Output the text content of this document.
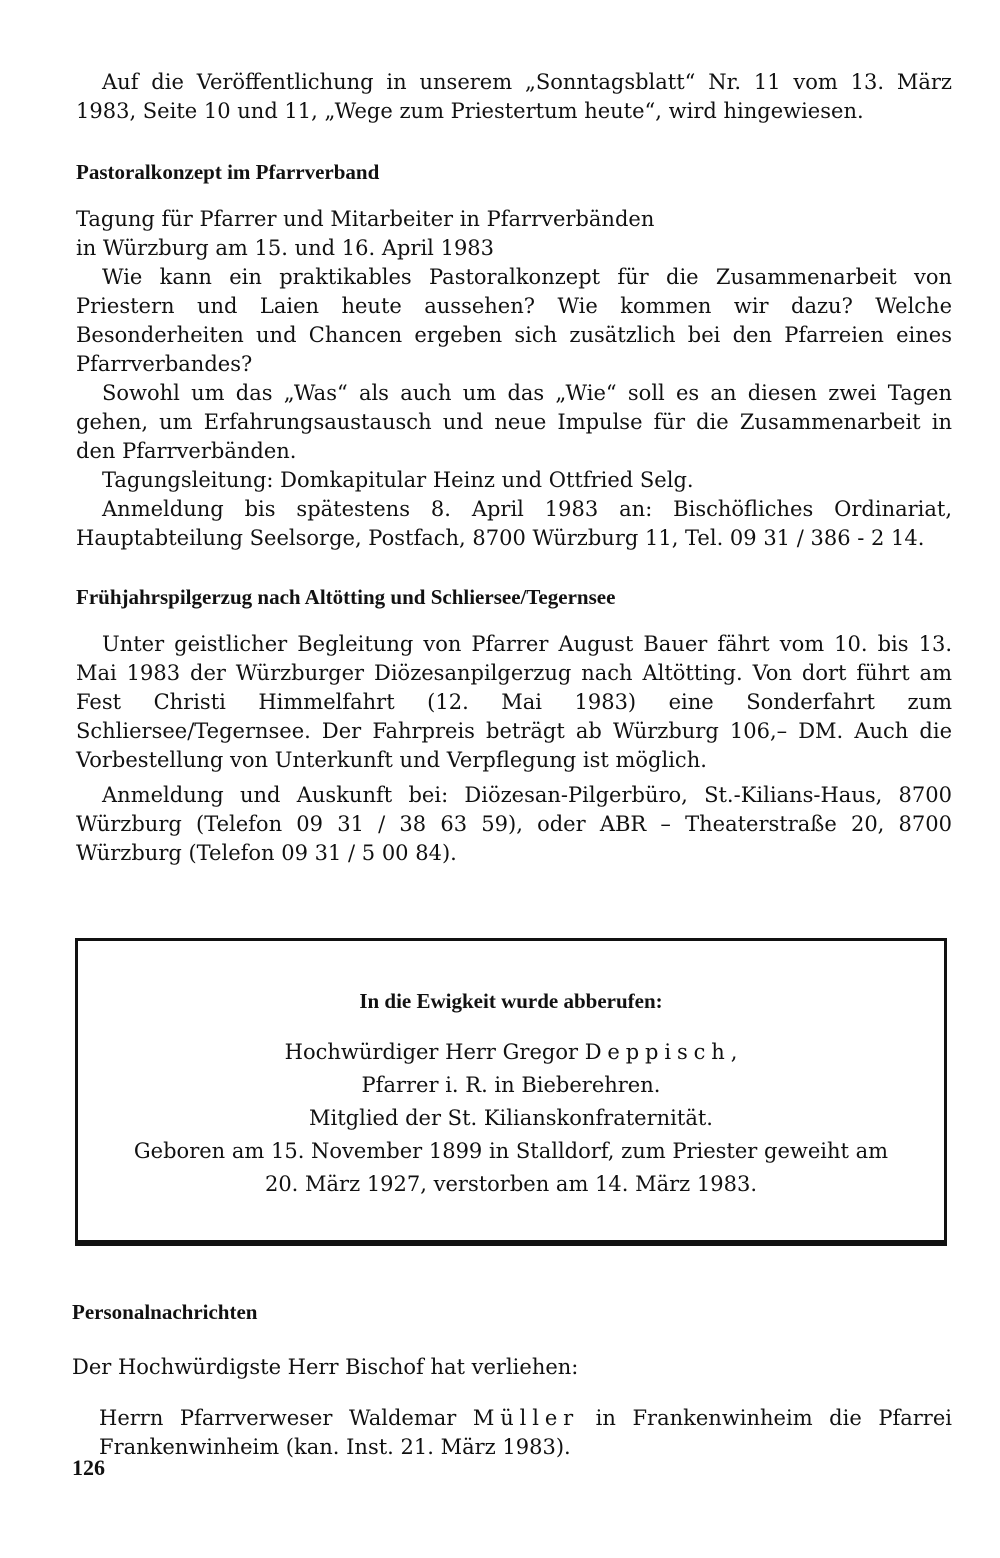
Auf die Veröffentlichung in unserem „Sonntagsblatt“ Nr. 11 vom 13. März 1983, Seite 10 und 11, „Wege zum Priestertum heute“, wird hingewiesen.

Pastoralkonzept im Pfarrverband

Tagung für Pfarrer und Mitarbeiter in Pfarrverbänden

in Würzburg am 15. und 16. April 1983

Wie kann ein praktikables Pastoralkonzept für die Zusammenarbeit von Priestern und Laien heute aussehen? Wie kommen wir dazu? Welche Besonderheiten und Chancen ergeben sich zusätzlich bei den Pfarreien eines Pfarrverbandes?

Sowohl um das „Was“ als auch um das „Wie“ soll es an diesen zwei Tagen gehen, um Erfahrungsaustausch und neue Impulse für die Zusammenarbeit in den Pfarrverbänden.

Tagungsleitung: Domkapitular Heinz und Ottfried Selg.

Anmeldung bis spätestens 8. April 1983 an: Bischöfliches Ordinariat, Hauptabteilung Seelsorge, Postfach, 8700 Würzburg 11, Tel. 09 31 / 386 - 2 14.

Frühjahrspilgerzug nach Altötting und Schliersee/Tegernsee

Unter geistlicher Begleitung von Pfarrer August Bauer fährt vom 10. bis 13. Mai 1983 der Würzburger Diözesanpilgerzug nach Altötting. Von dort führt am Fest Christi Himmelfahrt (12. Mai 1983) eine Sonderfahrt zum Schliersee/Tegernsee. Der Fahrpreis beträgt ab Würzburg 106,– DM. Auch die Vorbestellung von Unterkunft und Verpflegung ist möglich.

Anmeldung und Auskunft bei: Diözesan-Pilgerbüro, St.-Kilians-Haus, 8700 Würzburg (Telefon 09 31 / 38 63 59), oder ABR – Theaterstraße 20, 8700 Würzburg (Telefon 09 31 / 5 00 84).

In die Ewigkeit wurde abberufen:

Hochwürdiger Herr Gregor Deppisch,

Pfarrer i. R. in Bieberehren.

Mitglied der St. Kilianskonfraternität.

Geboren am 15. November 1899 in Stalldorf, zum Priester geweiht am

20. März 1927, verstorben am 14. März 1983.

Personalnachrichten

Der Hochwürdigste Herr Bischof hat verliehen:

Herrn Pfarrverweser Waldemar Müller in Frankenwinheim die Pfarrei Frankenwinheim (kan. Inst. 21. März 1983).

126
